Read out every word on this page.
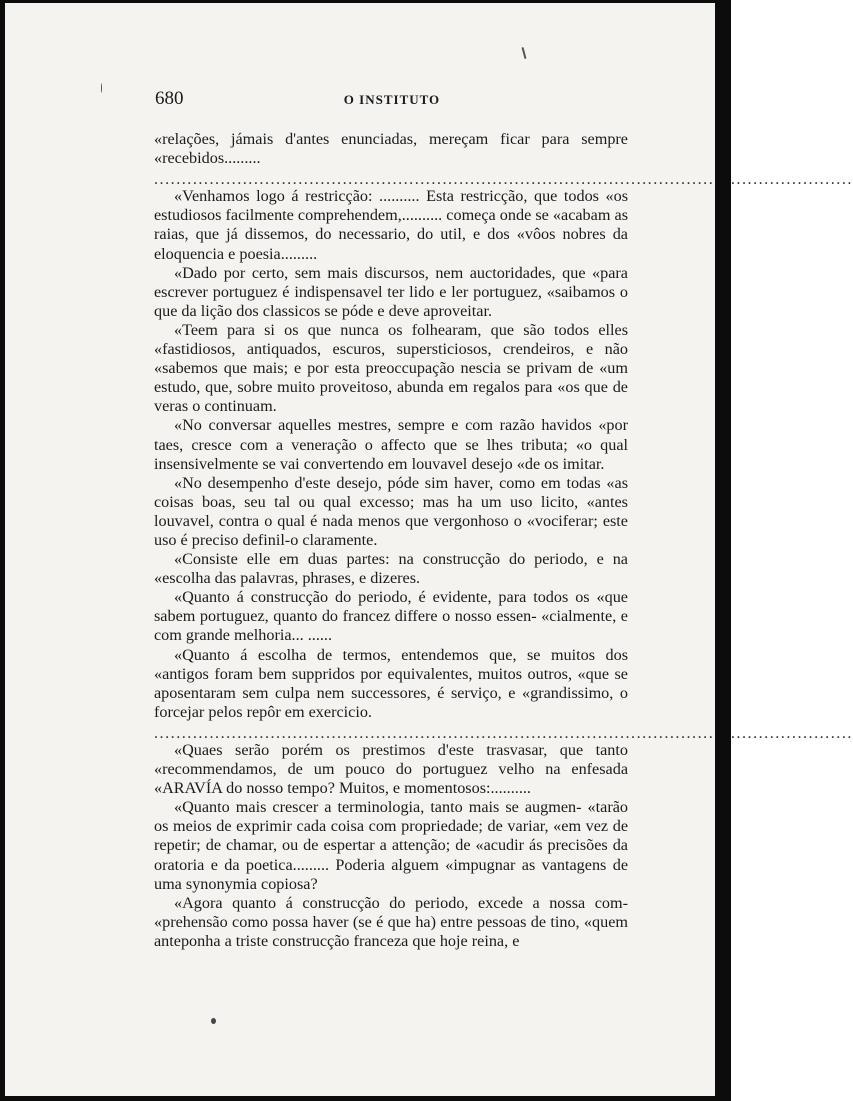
680	O INSTITUTO

«relações, jámais d'antes enunciadas, mereçam ficar para sempre «recebidos.........

..............................................................................................................................

«Venhamos logo á restricção: .......... Esta restricção, que todos «os estudiosos facilmente comprehendem,.......... começa onde se «acabam as raias, que já dissemos, do necessario, do util, e dos «vôos nobres da eloquencia e poesia.........

«Dado por certo, sem mais discursos, nem auctoridades, que «para escrever portuguez é indispensavel ter lido e ler portuguez, «saibamos o que da lição dos classicos se póde e deve aproveitar.

«Teem para si os que nunca os folhearam, que são todos elles «fastidiosos, antiquados, escuros, supersticiosos, crendeiros, e não «sabemos que mais; e por esta preoccupação nescia se privam de «um estudo, que, sobre muito proveitoso, abunda em regalos para «os que de veras o continuam.

«No conversar aquelles mestres, sempre e com razão havidos «por taes, cresce com a veneração o affecto que se lhes tributa; «o qual insensivelmente se vai convertendo em louvavel desejo «de os imitar.

«No desempenho d'este desejo, póde sim haver, como em todas «as coisas boas, seu tal ou qual excesso; mas ha um uso licito, «antes louvavel, contra o qual é nada menos que vergonhoso o «vociferar; este uso é preciso definil-o claramente.

«Consiste elle em duas partes: na construcção do periodo, e na «escolha das palavras, phrases, e dizeres.

«Quanto á construcção do periodo, é evidente, para todos os «que sabem portuguez, quanto do francez differe o nosso essen- «cialmente, e com grande melhoria... ......

«Quanto á escolha de termos, entendemos que, se muitos dos «antigos foram bem suppridos por equivalentes, muitos outros, «que se aposentaram sem culpa nem successores, é serviço, e «grandissimo, o forcejar pelos repôr em exercicio.

..............................................................................................................................

«Quaes serão porém os prestimos d'este trasvasar, que tanto «recommendamos, de um pouco do portuguez velho na enfesada «ARAVÍA do nosso tempo? Muitos, e momentosos:..........

«Quanto mais crescer a terminologia, tanto mais se augmen- «tarão os meios de exprimir cada coisa com propriedade; de variar, «em vez de repetir; de chamar, ou de espertar a attenção; de «acudir ás precisões da oratoria e da poetica......... Poderia alguem «impugnar as vantagens de uma synonymia copiosa?

«Agora quanto á construcção do periodo, excede a nossa com- «prehensão como possa haver (se é que ha) entre pessoas de tino, «quem anteponha a triste construcção franceza que hoje reina, e
